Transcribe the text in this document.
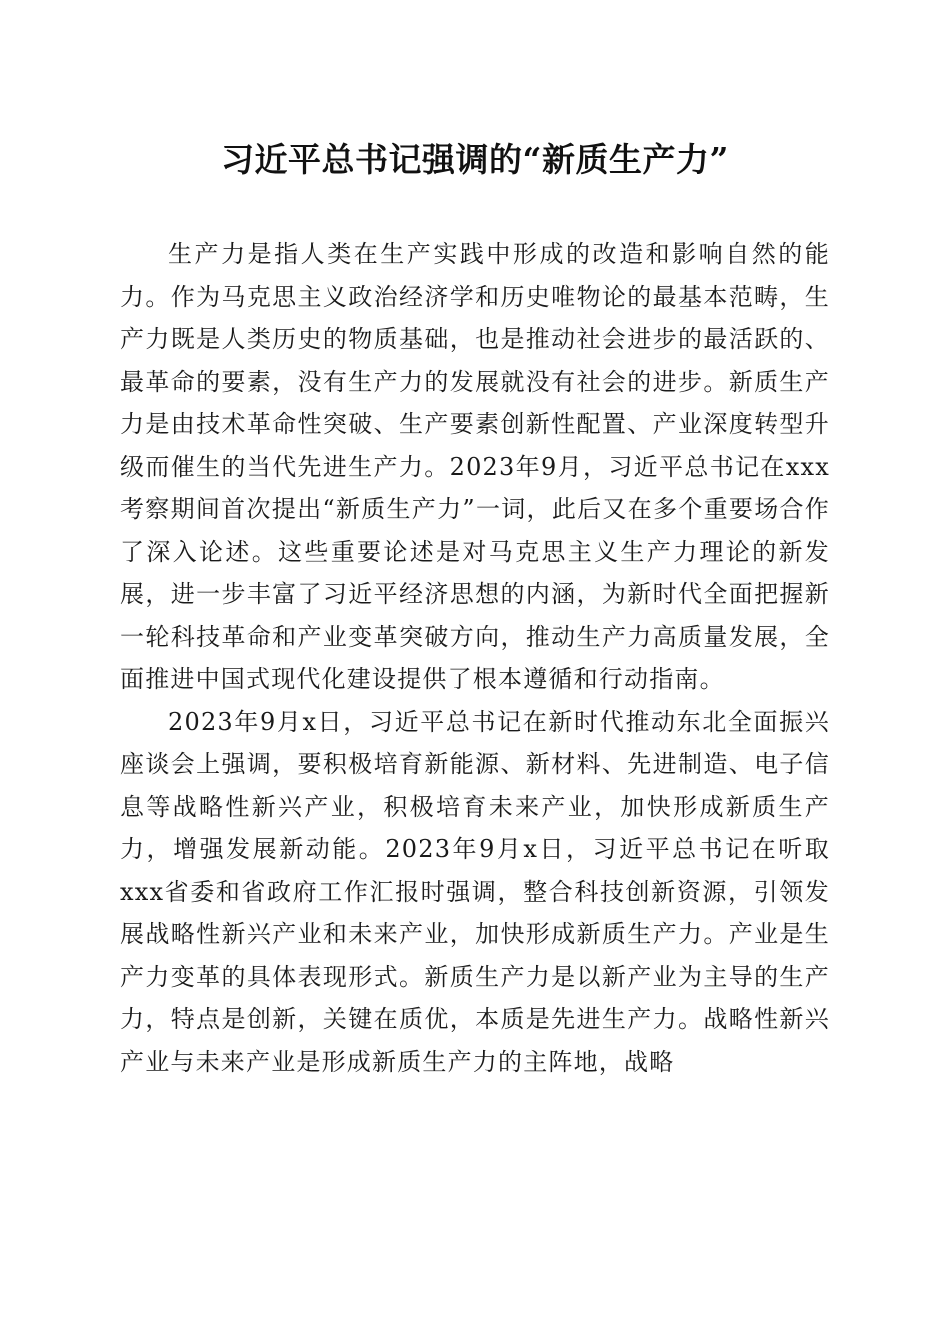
习近平总书记强调的“新质生产力”

生产力是指人类在生产实践中形成的改造和影响自然的能力。作为马克思主义政治经济学和历史唯物论的最基本范畴，生产力既是人类历史的物质基础，也是推动社会进步的最活跃的、最革命的要素，没有生产力的发展就没有社会的进步。新质生产力是由技术革命性突破、生产要素创新性配置、产业深度转型升级而催生的当代先进生产力。2023年9月，习近平总书记在xxx考察期间首次提出“新质生产力”一词，此后又在多个重要场合作了深入论述。这些重要论述是对马克思主义生产力理论的新发展，进一步丰富了习近平经济思想的内涵，为新时代全面把握新一轮科技革命和产业变革突破方向，推动生产力高质量发展，全面推进中国式现代化建设提供了根本遵循和行动指南。

2023年9月x日，习近平总书记在新时代推动东北全面振兴座谈会上强调，要积极培育新能源、新材料、先进制造、电子信息等战略性新兴产业，积极培育未来产业，加快形成新质生产力，增强发展新动能。2023年9月x日，习近平总书记在听取xxx省委和省政府工作汇报时强调，整合科技创新资源，引领发展战略性新兴产业和未来产业，加快形成新质生产力。产业是生产力变革的具体表现形式。新质生产力是以新产业为主导的生产力，特点是创新，关键在质优，本质是先进生产力。战略性新兴产业与未来产业是形成新质生产力的主阵地，战略
